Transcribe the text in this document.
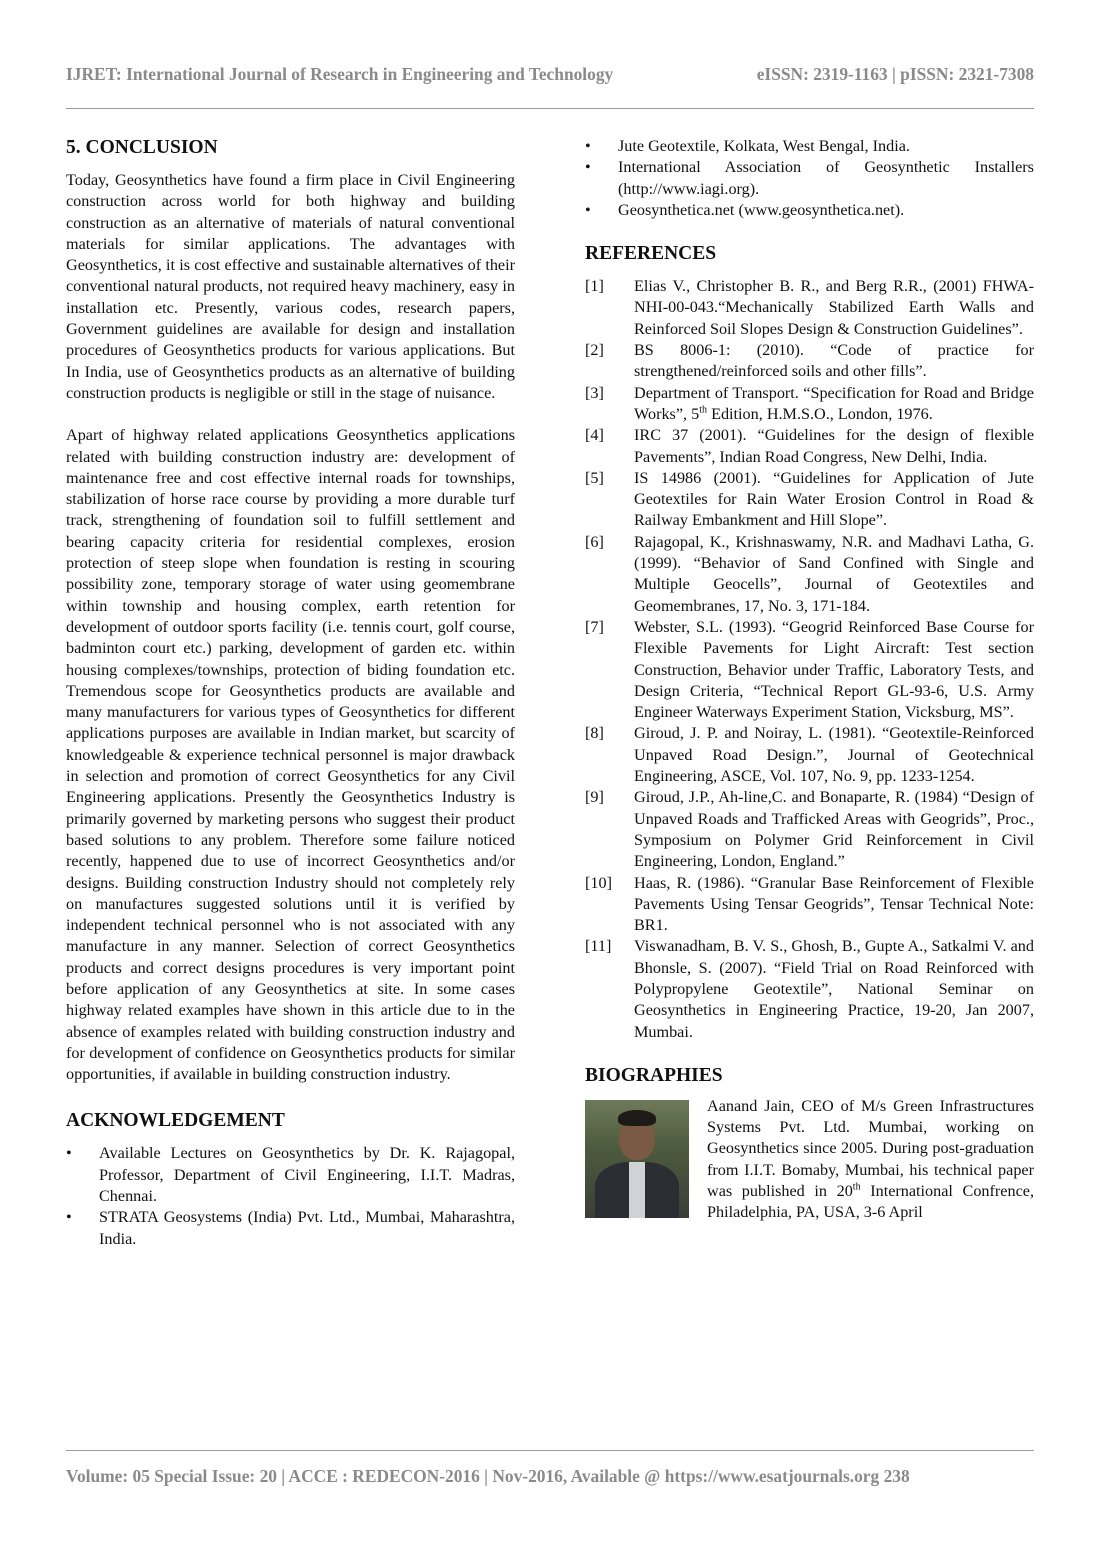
IJRET: International Journal of Research in Engineering and Technology	eISSN: 2319-1163 | pISSN: 2321-7308
5. CONCLUSION

Today, Geosynthetics have found a firm place in Civil Engineering construction across world for both highway and building construction as an alternative of materials of natural conventional materials for similar applications. The advantages with Geosynthetics, it is cost effective and sustainable alternatives of their conventional natural products, not required heavy machinery, easy in installation etc. Presently, various codes, research papers, Government guidelines are available for design and installation procedures of Geosynthetics products for various applications. But In India, use of Geosynthetics products as an alternative of building construction products is negligible or still in the stage of nuisance.

Apart of highway related applications Geosynthetics applications related with building construction industry are: development of maintenance free and cost effective internal roads for townships, stabilization of horse race course by providing a more durable turf track, strengthening of foundation soil to fulfill settlement and bearing capacity criteria for residential complexes, erosion protection of steep slope when foundation is resting in scouring possibility zone, temporary storage of water using geomembrane within township and housing complex, earth retention for development of outdoor sports facility (i.e. tennis court, golf course, badminton court etc.) parking, development of garden etc. within housing complexes/townships, protection of biding foundation etc. Tremendous scope for Geosynthetics products are available and many manufacturers for various types of Geosynthetics for different applications purposes are available in Indian market, but scarcity of knowledgeable & experience technical personnel is major drawback in selection and promotion of correct Geosynthetics for any Civil Engineering applications. Presently the Geosynthetics Industry is primarily governed by marketing persons who suggest their product based solutions to any problem. Therefore some failure noticed recently, happened due to use of incorrect Geosynthetics and/or designs. Building construction Industry should not completely rely on manufactures suggested solutions until it is verified by independent technical personnel who is not associated with any manufacture in any manner. Selection of correct Geosynthetics products and correct designs procedures is very important point before application of any Geosynthetics at site. In some cases highway related examples have shown in this article due to in the absence of examples related with building construction industry and for development of confidence on Geosynthetics products for similar opportunities, if available in building construction industry.

ACKNOWLEDGEMENT
• Available Lectures on Geosynthetics by Dr. K. Rajagopal, Professor, Department of Civil Engineering, I.I.T. Madras, Chennai.
• STRATA Geosystems (India) Pvt. Ltd., Mumbai, Maharashtra, India.
• Jute Geotextile, Kolkata, West Bengal, India.
• International Association of Geosynthetic Installers (http://www.iagi.org).
• Geosynthetica.net (www.geosynthetica.net).
REFERENCES
[1] Elias V., Christopher B. R., and Berg R.R., (2001) FHWA-NHI-00-043.“Mechanically Stabilized Earth Walls and Reinforced Soil Slopes Design & Construction Guidelines”.
[2] BS 8006-1: (2010). “Code of practice for strengthened/reinforced soils and other fills”.
[3] Department of Transport. “Specification for Road and Bridge Works”, 5th Edition, H.M.S.O., London, 1976.
[4] IRC 37 (2001). “Guidelines for the design of flexible Pavements”, Indian Road Congress, New Delhi, India.
[5] IS 14986 (2001). “Guidelines for Application of Jute Geotextiles for Rain Water Erosion Control in Road & Railway Embankment and Hill Slope”.
[6] Rajagopal, K., Krishnaswamy, N.R. and Madhavi Latha, G. (1999). “Behavior of Sand Confined with Single and Multiple Geocells”, Journal of Geotextiles and Geomembranes, 17, No. 3, 171-184.
[7] Webster, S.L. (1993). “Geogrid Reinforced Base Course for Flexible Pavements for Light Aircraft: Test section Construction, Behavior under Traffic, Laboratory Tests, and Design Criteria, “Technical Report GL-93-6, U.S. Army Engineer Waterways Experiment Station, Vicksburg, MS”.
[8] Giroud, J. P. and Noiray, L. (1981). “Geotextile-Reinforced Unpaved Road Design.”, Journal of Geotechnical Engineering, ASCE, Vol. 107, No. 9, pp. 1233-1254.
[9] Giroud, J.P., Ah-line,C. and Bonaparte, R. (1984) “Design of Unpaved Roads and Trafficked Areas with Geogrids”, Proc., Symposium on Polymer Grid Reinforcement in Civil Engineering, London, England.”
[10] Haas, R. (1986). “Granular Base Reinforcement of Flexible Pavements Using Tensar Geogrids”, Tensar Technical Note: BR1.
[11] Viswanadham, B. V. S., Ghosh, B., Gupte A., Satkalmi V. and Bhonsle, S. (2007). “Field Trial on Road Reinforced with Polypropylene Geotextile”, National Seminar on Geosynthetics in Engineering Practice, 19-20, Jan 2007, Mumbai.
BIOGRAPHIES

Aanand Jain, CEO of M/s Green Infrastructures Systems Pvt. Ltd. Mumbai, working on Geosynthetics since 2005. During post-graduation from I.I.T. Bomaby, Mumbai, his technical paper was published in 20th International Confrence, Philadelphia, PA, USA, 3-6 April

Volume: 05 Special Issue: 20 | ACCE : REDECON-2016 | Nov-2016, Available @ https://www.esatjournals.org 238
